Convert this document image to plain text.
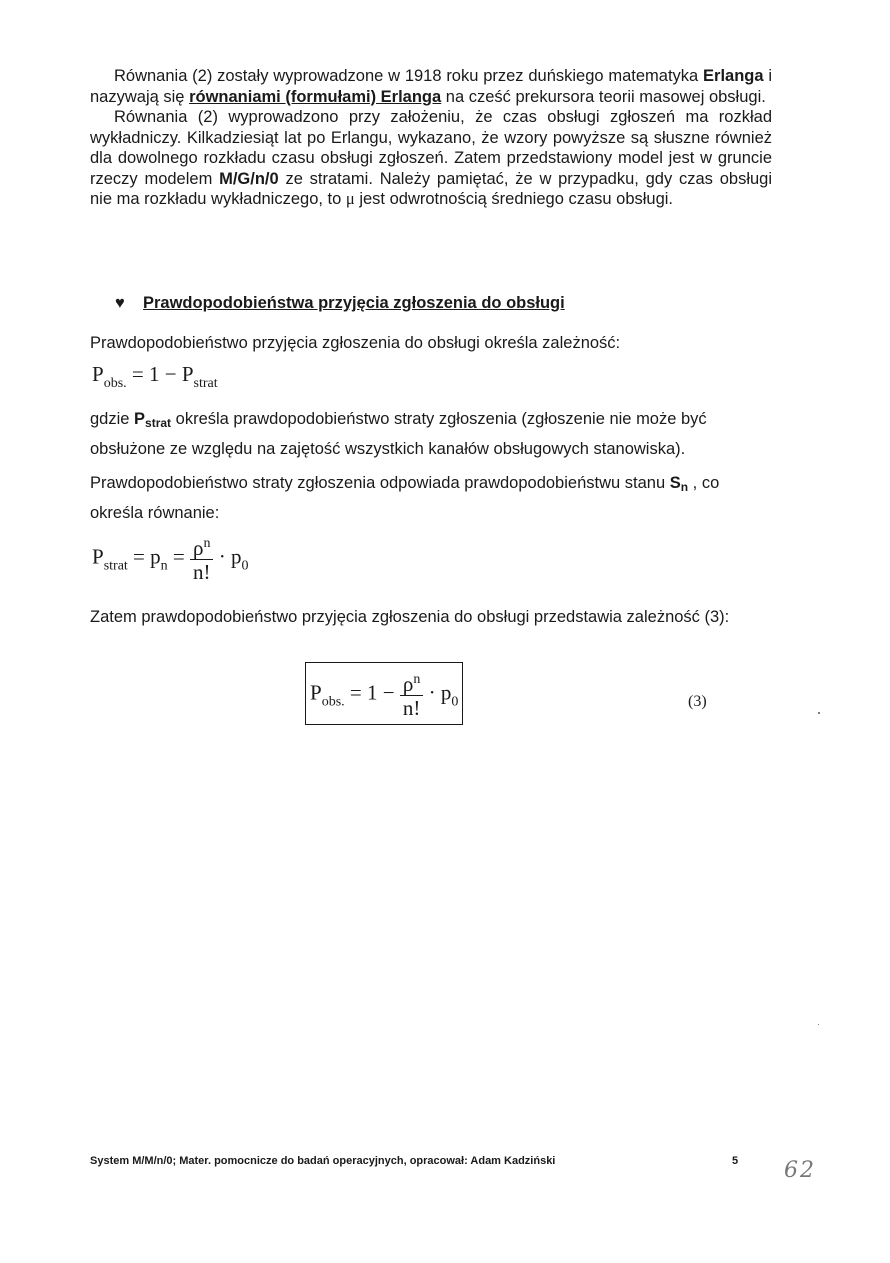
Równania (2) zostały wyprowadzone w 1918 roku przez duńskiego matematyka Erlanga i nazywają się równaniami (formułami) Erlanga na cześć prekursora teorii masowej obsługi.

Równania (2) wyprowadzono przy założeniu, że czas obsługi zgłoszeń ma rozkład wykładniczy. Kilkadziesiąt lat po Erlangu, wykazano, że wzory powyższe są słuszne również dla dowolnego rozkładu czasu obsługi zgłoszeń. Zatem przedstawiony model jest w gruncie rzeczy modelem M/G/n/0 ze stratami. Należy pamiętać, że w przypadku, gdy czas obsługi nie ma rozkładu wykładniczego, to μ jest odwrotnością średniego czasu obsługi.

♥ Prawdopodobieństwa przyjęcia zgłoszenia do obsługi

Prawdopodobieństwo przyjęcia zgłoszenia do obsługi określa zależność:

$P_{obs.} = 1 - P_{strat}$

gdzie Pstrat określa prawdopodobieństwo straty zgłoszenia (zgłoszenie nie może być obsłużone ze względu na zajętość wszystkich kanałów obsługowych stanowiska).

Prawdopodobieństwo straty zgłoszenia odpowiada prawdopodobieństwu stanu Sn , co określa równanie:

$P_{strat} = p_n = \frac{\rho^n}{n!} \cdot p_0$

Zatem prawdopodobieństwo przyjęcia zgłoszenia do obsługi przedstawia zależność (3):

$P_{obs.} = 1 - \frac{\rho^n}{n!} \cdot p_0$	(3)
System M/M/n/0; Mater. pomocnicze do badań operacyjnych, opracował: Adam Kadziński	5 62
